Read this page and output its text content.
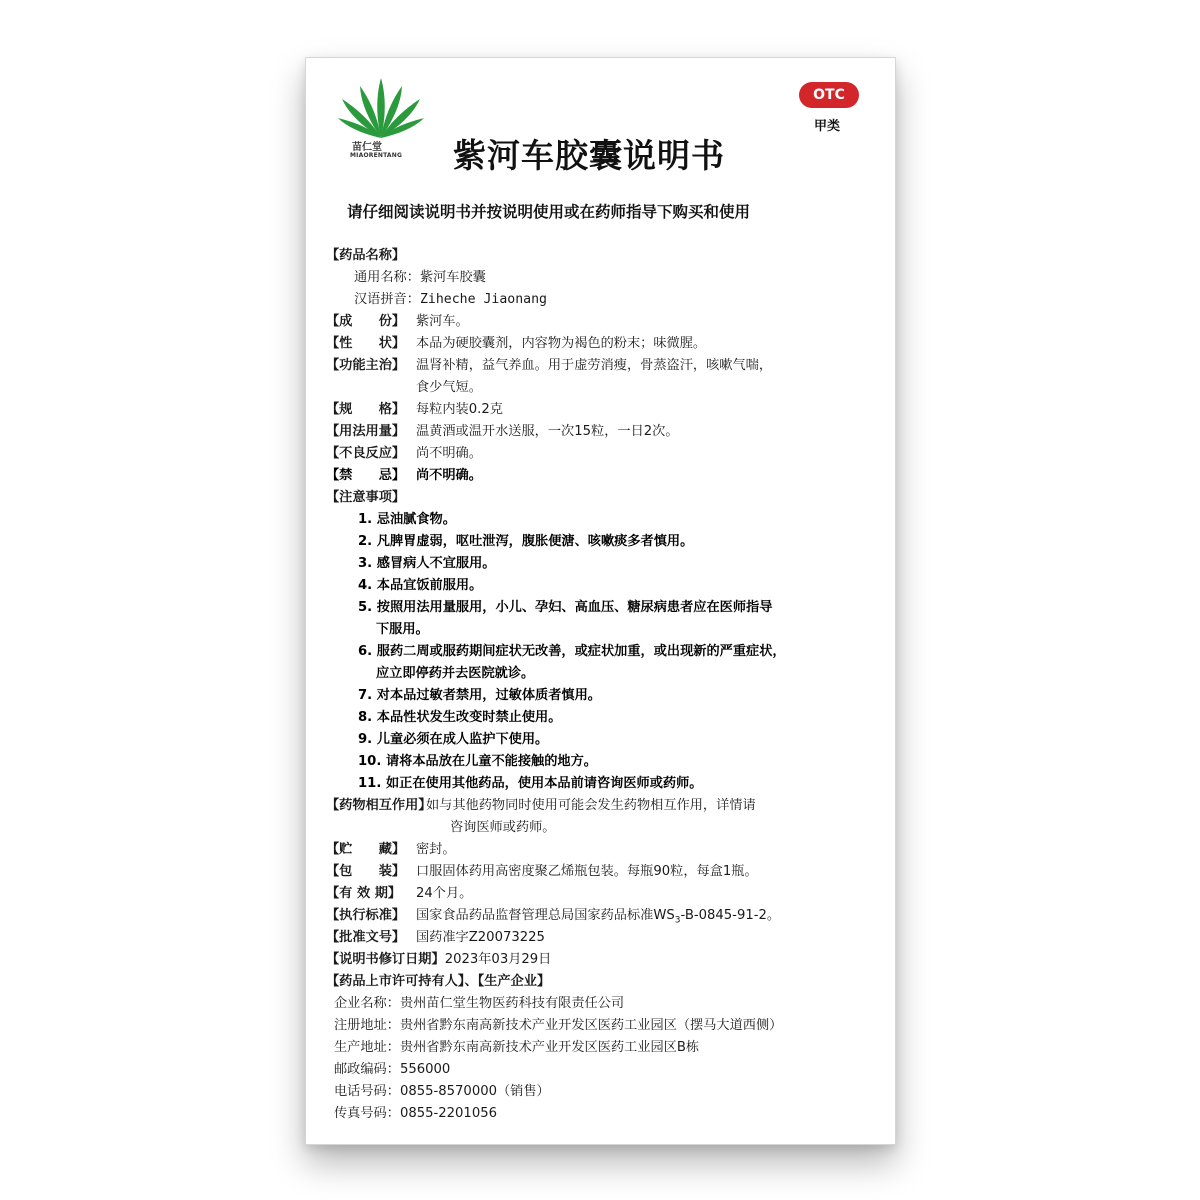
苗仁堂
MIAORENTANG
OTC
甲类
紫河车胶囊说明书
请仔细阅读说明书并按说明使用或在药师指导下购买和使用
【药品名称】
通用名称：紫河车胶囊
汉语拼音：Ziheche Jiaonang
【成　　份】 紫河车。
【性　　状】 本品为硬胶囊剂，内容物为褐色的粉末；味微腥。
【功能主治】 温肾补精，益气养血。用于虚劳消瘦，骨蒸盗汗，咳嗽气喘，
食少气短。
【规　　格】 每粒内装0.2克
【用法用量】 温黄酒或温开水送服，一次15粒，一日2次。
【不良反应】 尚不明确。
【禁　　忌】 尚不明确。
【注意事项】
1. 忌油腻食物。
2. 凡脾胃虚弱，呕吐泄泻，腹胀便溏、咳嗽痰多者慎用。
3. 感冒病人不宜服用。
4. 本品宜饭前服用。
5. 按照用法用量服用，小儿、孕妇、高血压、糖尿病患者应在医师指导
下服用。
6. 服药二周或服药期间症状无改善，或症状加重，或出现新的严重症状，
应立即停药并去医院就诊。
7. 对本品过敏者禁用，过敏体质者慎用。
8. 本品性状发生改变时禁止使用。
9. 儿童必须在成人监护下使用。
10. 请将本品放在儿童不能接触的地方。
11. 如正在使用其他药品，使用本品前请咨询医师或药师。
【药物相互作用】如与其他药物同时使用可能会发生药物相互作用，详情请
咨询医师或药师。
【贮　　藏】 密封。
【包　　装】 口服固体药用高密度聚乙烯瓶包装。每瓶90粒，每盒1瓶。
【有 效 期】 24个月。
【执行标准】 国家食品药品监督管理总局国家药品标准$WS_3-B-0845-91-2$。
【批准文号】 国药准字Z20073225
【说明书修订日期】2023年03月29日
【药品上市许可持有人】、【生产企业】
企业名称：贵州苗仁堂生物医药科技有限责任公司
注册地址：贵州省黔东南高新技术产业开发区医药工业园区（摆马大道西侧）
生产地址：贵州省黔东南高新技术产业开发区医药工业园区B栋
邮政编码：556000
电话号码：0855-8570000（销售）
传真号码：0855-2201056
